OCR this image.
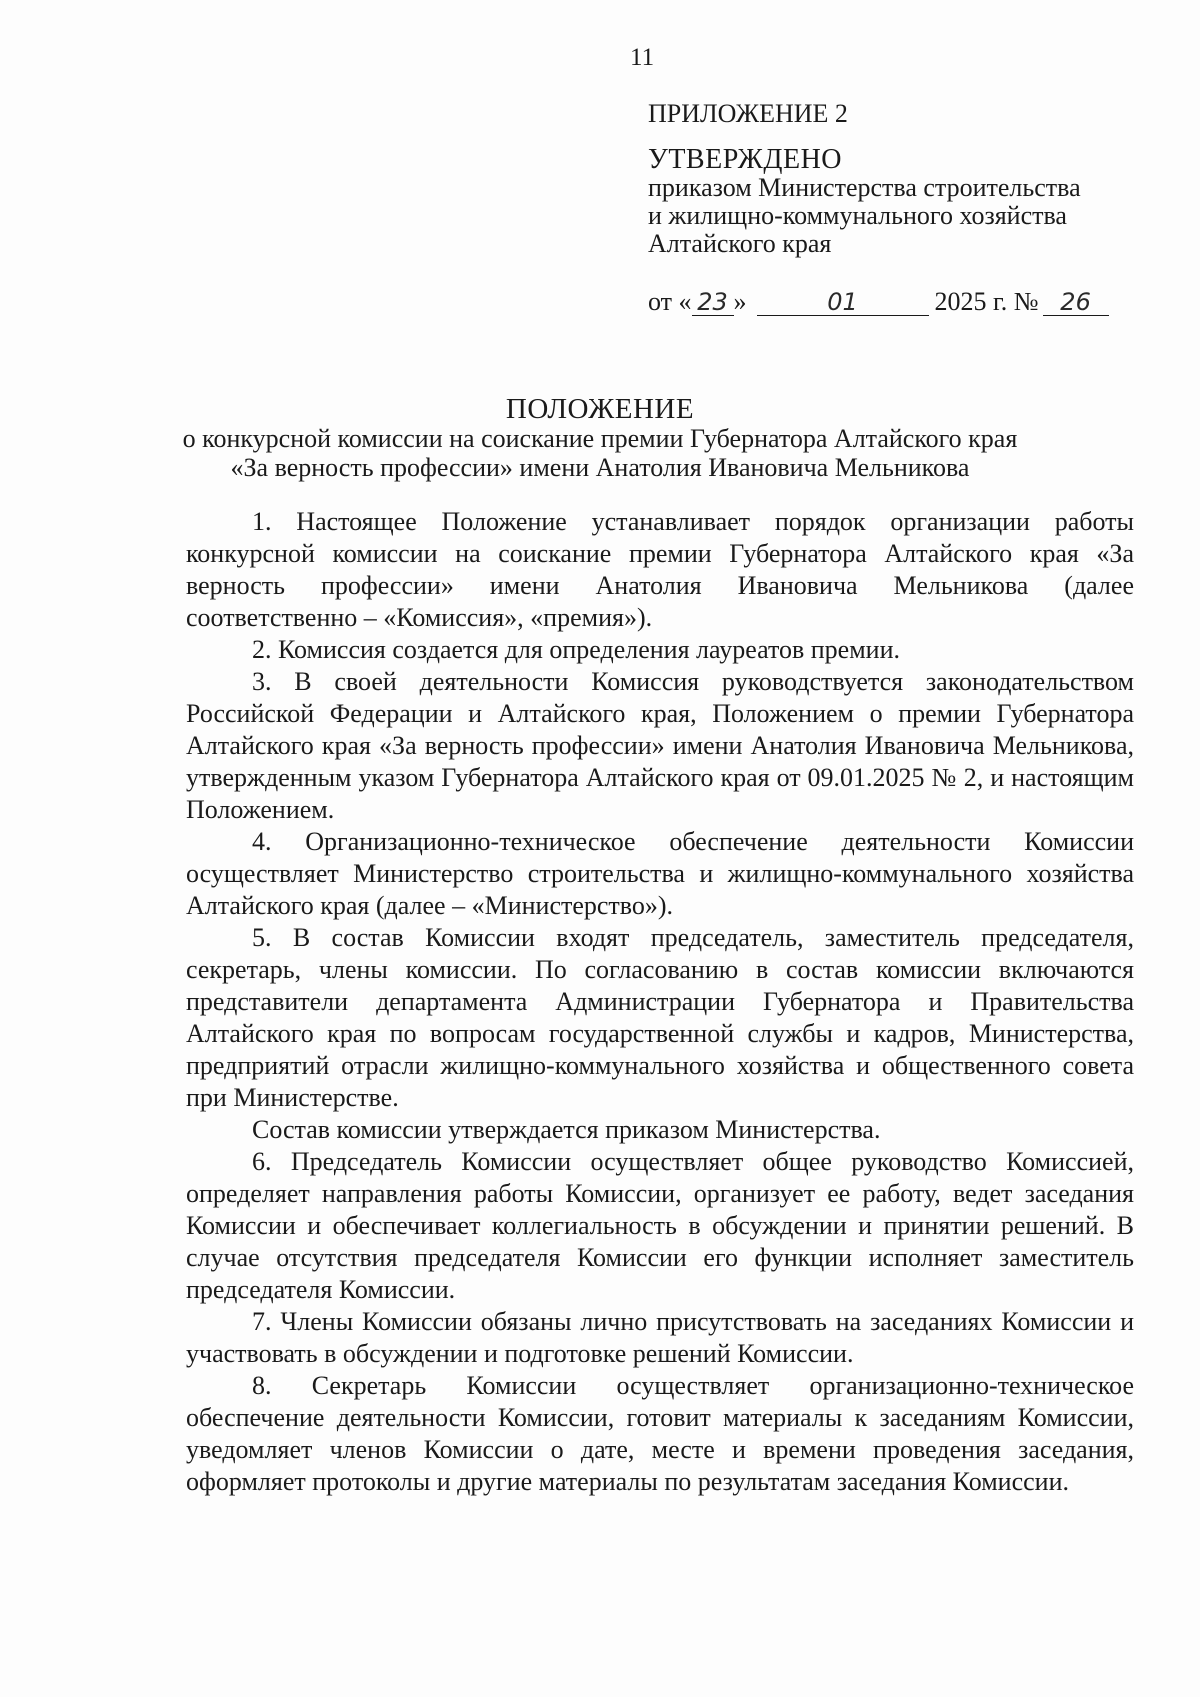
11

ПРИЛОЖЕНИЕ 2

УТВЕРЖДЕНО

приказом Министерства строительства

и жилищно-коммунального хозяйства

Алтайского края

от « 23 »	01	2025 г. № 26
ПОЛОЖЕНИЕ
о конкурсной комиссии на соискание премии Губернатора Алтайского края
«За верность профессии» имени Анатолия Ивановича Мельникова

1. Настоящее Положение устанавливает порядок организации работы конкурсной комиссии на соискание премии Губернатора Алтайского края «За верность профессии» имени Анатолия Ивановича Мельникова (далее соответственно – «Комиссия», «премия»).

2. Комиссия создается для определения лауреатов премии.

3. В своей деятельности Комиссия руководствуется законодательством Российской Федерации и Алтайского края, Положением о премии Губернатора Алтайского края «За верность профессии» имени Анатолия Ивановича Мельникова, утвержденным указом Губернатора Алтайского края от 09.01.2025 № 2, и настоящим Положением.

4. Организационно-техническое обеспечение деятельности Комиссии осуществляет Министерство строительства и жилищно-коммунального хозяйства Алтайского края (далее – «Министерство»).

5. В состав Комиссии входят председатель, заместитель председателя, секретарь, члены комиссии. По согласованию в состав комиссии включаются представители департамента Администрации Губернатора и Правительства Алтайского края по вопросам государственной службы и кадров, Министерства, предприятий отрасли жилищно-коммунального хозяйства и общественного совета при Министерстве.

Состав комиссии утверждается приказом Министерства.

6. Председатель Комиссии осуществляет общее руководство Комиссией, определяет направления работы Комиссии, организует ее работу, ведет заседания Комиссии и обеспечивает коллегиальность в обсуждении и принятии решений. В случае отсутствия председателя Комиссии его функции исполняет заместитель председателя Комиссии.

7. Члены Комиссии обязаны лично присутствовать на заседаниях Комиссии и участвовать в обсуждении и подготовке решений Комиссии.

8. Секретарь Комиссии осуществляет организационно-техническое обеспечение деятельности Комиссии, готовит материалы к заседаниям Комиссии, уведомляет членов Комиссии о дате, месте и времени проведения заседания, оформляет протоколы и другие материалы по результатам заседания Комиссии.
